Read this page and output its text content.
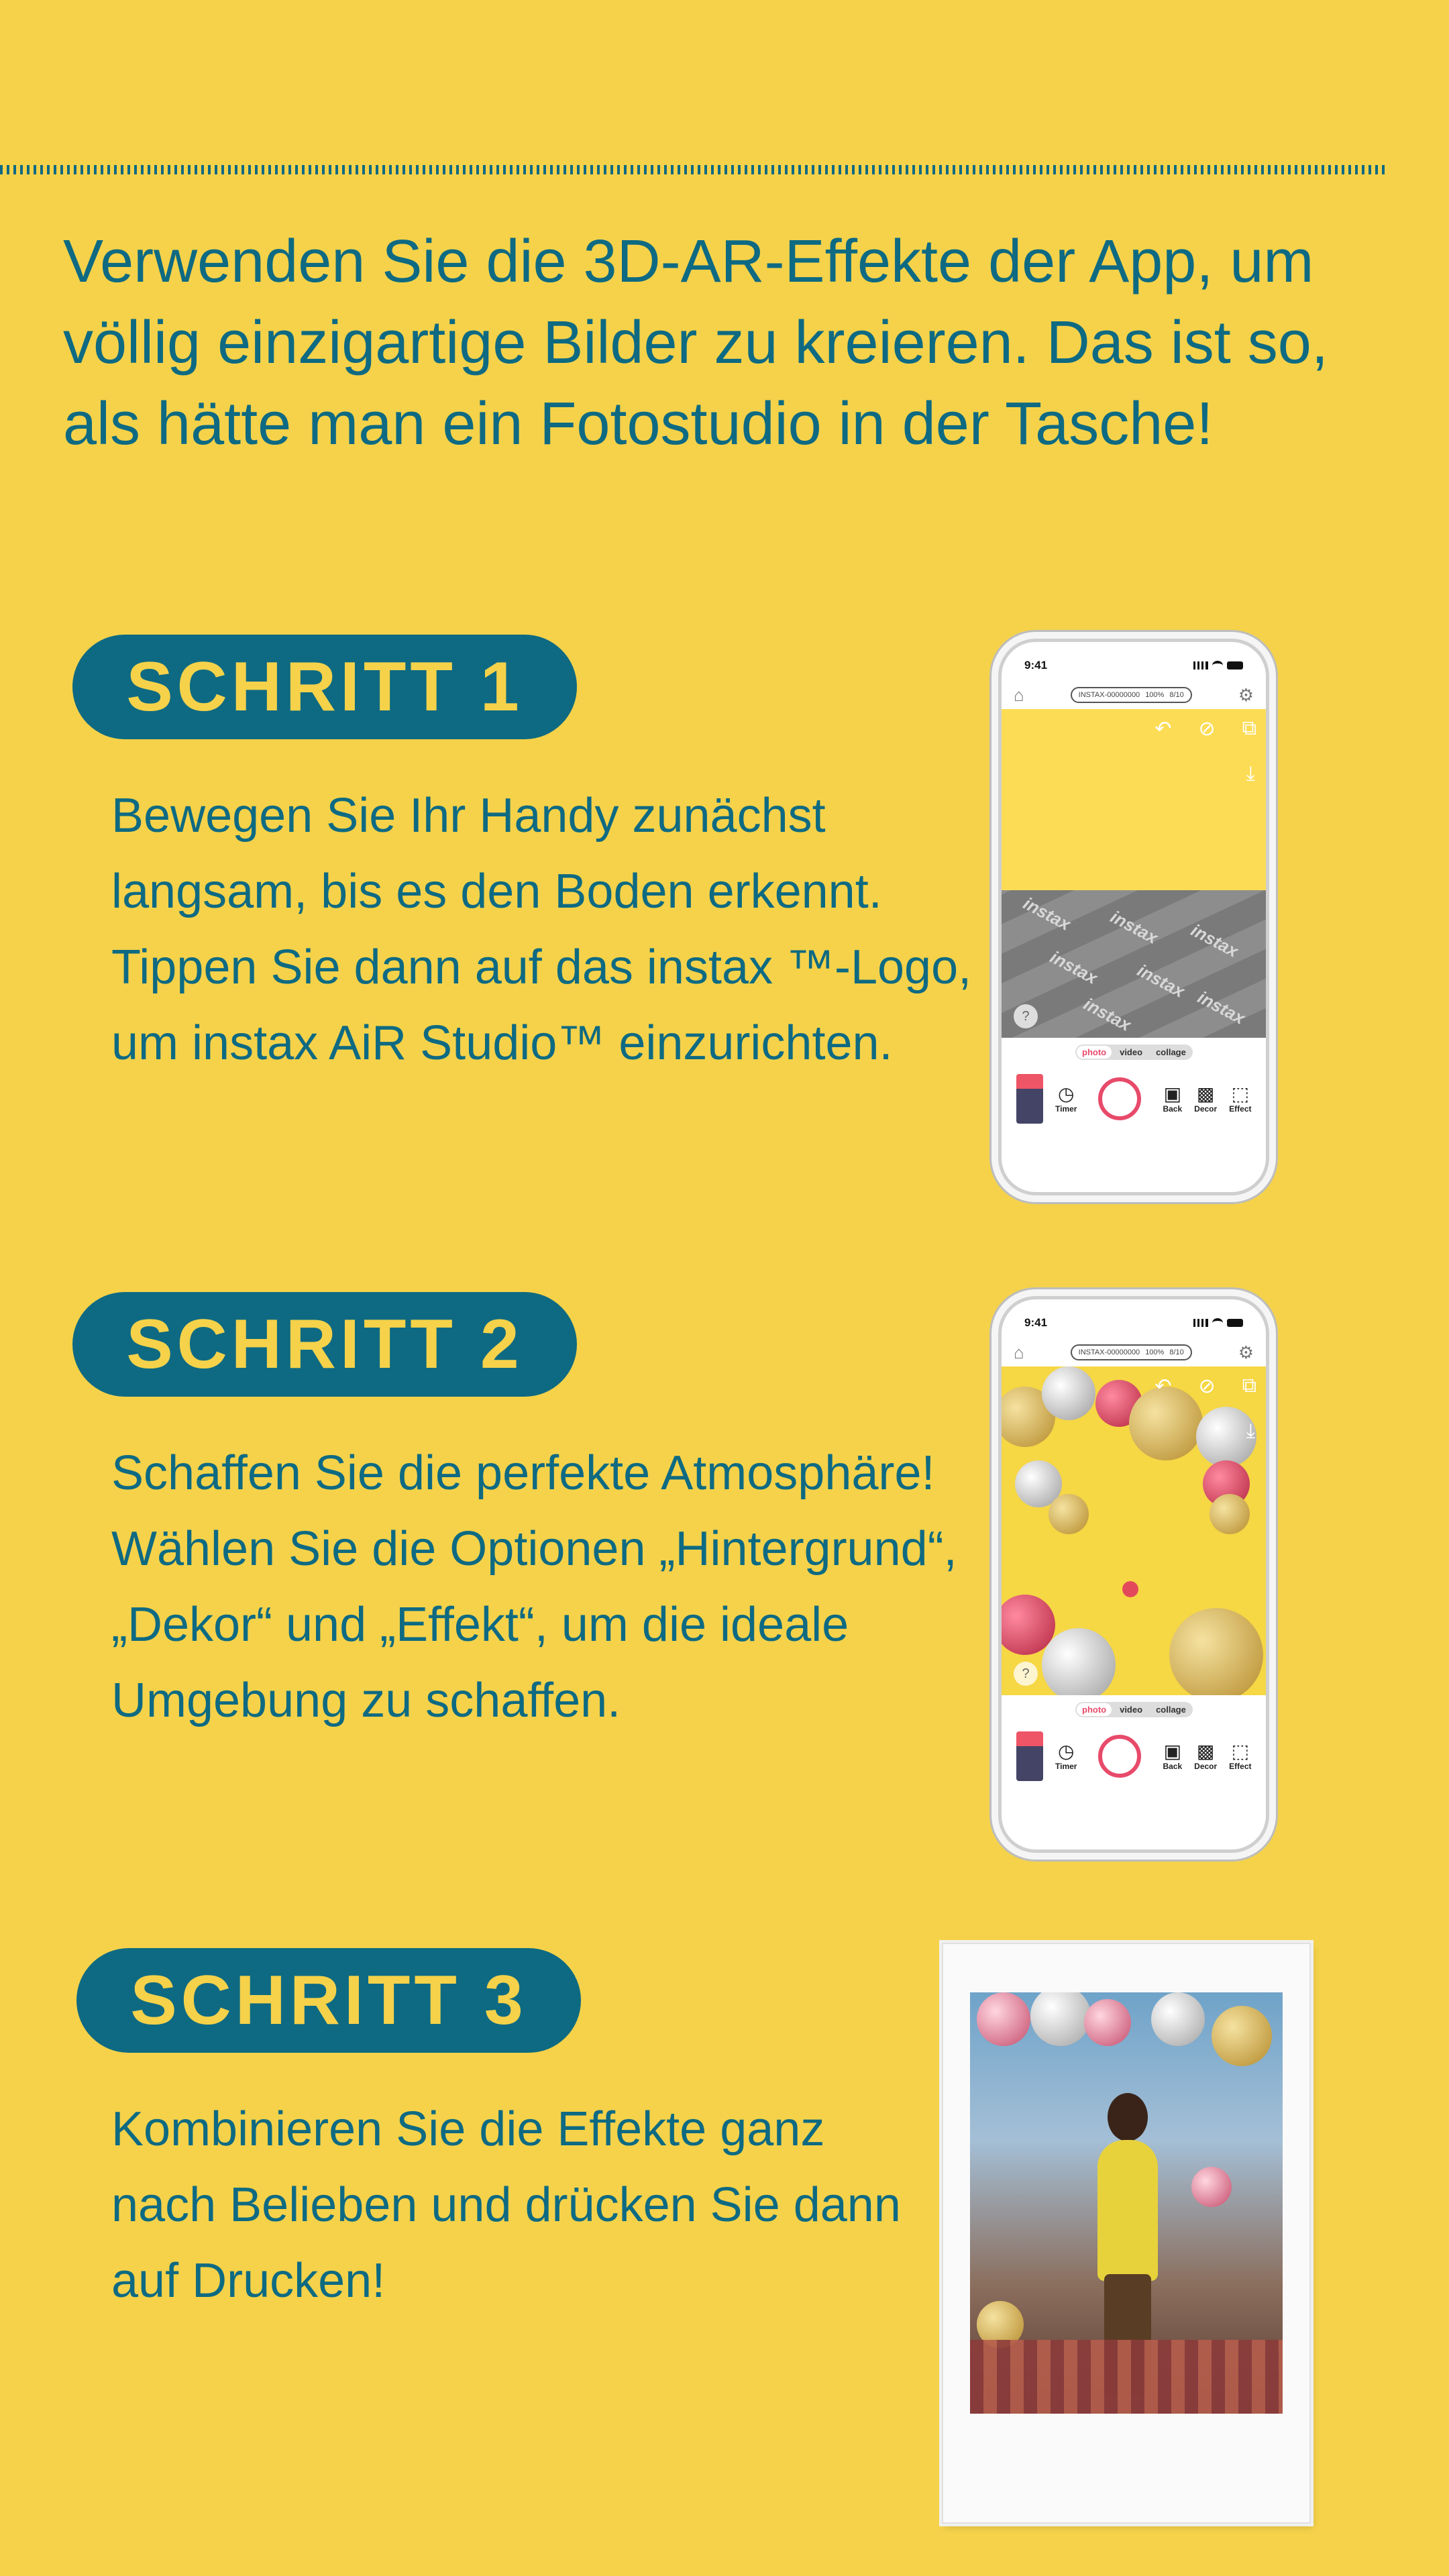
Verwenden Sie die 3D-AR-Effekte der App, um völlig einzigartige Bilder zu kreieren. Das ist so, als hätte man ein Fotostudio in der Tasche!

SCHRITT 1

Bewegen Sie Ihr Handy zunächst langsam, bis es den Boden erkennt. Tippen Sie dann auf das instax ™-Logo, um instax AiR Studio™ einzurichten.

9:41
⌂	INSTAX-00000000 100% 8/10	⚙
↶ ⊘ ⧉
⤓
instax instax instax
instax instax
instax	instax
?
photo	video	collage
◷
Timer
▣
Back
▩
Decor
⬚
Effect
SCHRITT 2

Schaffen Sie die perfekte Atmosphäre! Wählen Sie die Optionen „Hintergrund“, „Dekor“ und „Effekt“, um die ideale Umgebung zu schaffen.

9:41
⌂	INSTAX-00000000 100% 8/10	⚙
↶ ⊘ ⧉
⤓
?
photo	video	collage
◷
Timer
▣
Back
▩
Decor
⬚
Effect
SCHRITT 3

Kombinieren Sie die Effekte ganz nach Belieben und drücken Sie dann auf Drucken!
